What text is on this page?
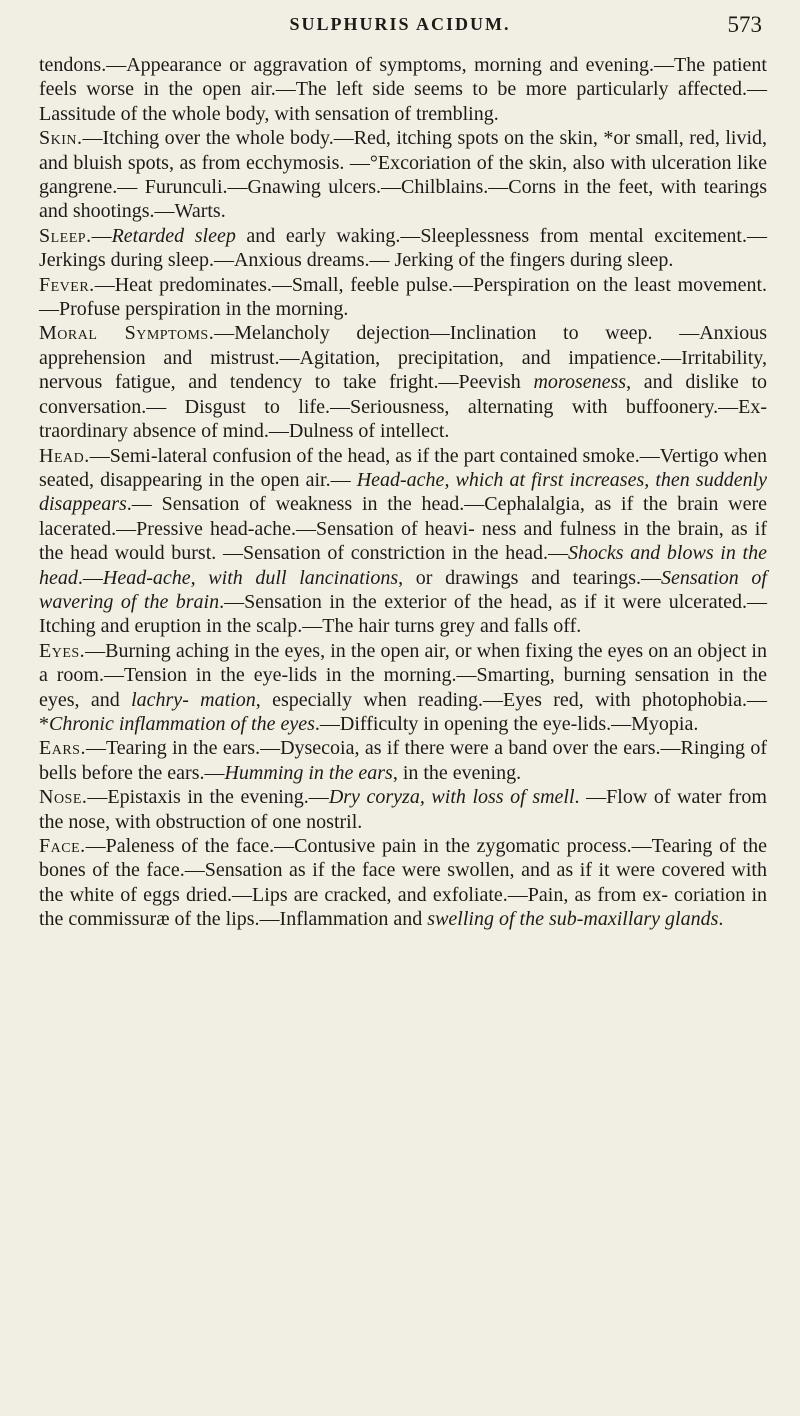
SULPHURIS ACIDUM.	573

tendons.—Appearance or aggravation of symptoms, morning and evening.—The patient feels worse in the open air.—The left side seems to be more particularly affected.—Lassitude of the whole body, with sensation of trembling.

Skin.—Itching over the whole body.—Red, itching spots on the skin, *or small, red, livid, and bluish spots, as from ecchymosis. —°Excoriation of the skin, also with ulceration like gangrene.— Furunculi.—Gnawing ulcers.—Chilblains.—Corns in the feet, with tearings and shootings.—Warts.

Sleep.—Retarded sleep and early waking.—Sleeplessness from mental excitement.—Jerkings during sleep.—Anxious dreams.— Jerking of the fingers during sleep.

Fever.—Heat predominates.—Small, feeble pulse.—Perspiration on the least movement.—Profuse perspiration in the morning.

Moral Symptoms.—Melancholy dejection—Inclination to weep. —Anxious apprehension and mistrust.—Agitation, precipitation, and impatience.—Irritability, nervous fatigue, and tendency to take fright.—Peevish moroseness, and dislike to conversation.— Disgust to life.—Seriousness, alternating with buffoonery.—Ex- traordinary absence of mind.—Dulness of intellect.

Head.—Semi-lateral confusion of the head, as if the part contained smoke.—Vertigo when seated, disappearing in the open air.— Head-ache, which at first increases, then suddenly disappears.— Sensation of weakness in the head.—Cephalalgia, as if the brain were lacerated.—Pressive head-ache.—Sensation of heavi- ness and fulness in the brain, as if the head would burst. —Sensation of constriction in the head.—Shocks and blows in the head.—Head-ache, with dull lancinations, or drawings and tearings.—Sensation of wavering of the brain.—Sensation in the exterior of the head, as if it were ulcerated.—Itching and eruption in the scalp.—The hair turns grey and falls off.

Eyes.—Burning aching in the eyes, in the open air, or when fixing the eyes on an object in a room.—Tension in the eye-lids in the morning.—Smarting, burning sensation in the eyes, and lachry- mation, especially when reading.—Eyes red, with photophobia.— *Chronic inflammation of the eyes.—Difficulty in opening the eye-lids.—Myopia.

Ears.—Tearing in the ears.—Dysecoia, as if there were a band over the ears.—Ringing of bells before the ears.—Humming in the ears, in the evening.

Nose.—Epistaxis in the evening.—Dry coryza, with loss of smell. —Flow of water from the nose, with obstruction of one nostril.

Face.—Paleness of the face.—Contusive pain in the zygomatic process.—Tearing of the bones of the face.—Sensation as if the face were swollen, and as if it were covered with the white of eggs dried.—Lips are cracked, and exfoliate.—Pain, as from ex- coriation in the commissuræ of the lips.—Inflammation and swelling of the sub-maxillary glands.
